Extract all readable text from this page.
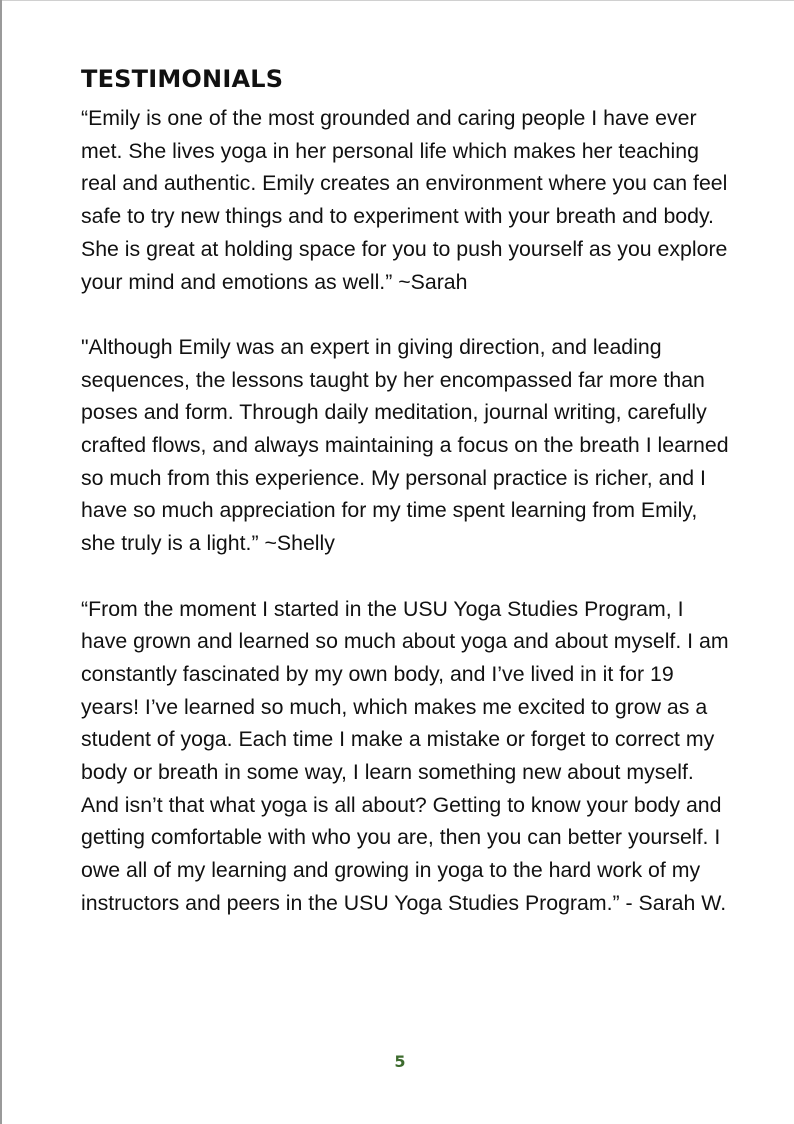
TESTIMONIALS

“Emily is one of the most grounded and caring people I have ever met. She lives yoga in her personal life which makes her teaching real and authentic. Emily creates an environment where you can feel safe to try new things and to experiment with your breath and body. She is great at holding space for you to push yourself as you explore your mind and emotions as well.” ~Sarah

"Although Emily was an expert in giving direction, and leading sequences, the lessons taught by her encompassed far more than poses and form. Through daily meditation, journal writing, carefully crafted flows, and always maintaining a focus on the breath I learned so much from this experience. My personal practice is richer, and I have so much appreciation for my time spent learning from Emily, she truly is a light.” ~Shelly

“From the moment I started in the USU Yoga Studies Program, I have grown and learned so much about yoga and about myself. I am constantly fascinated by my own body, and I’ve lived in it for 19 years! I’ve learned so much, which makes me excited to grow as a student of yoga. Each time I make a mistake or forget to correct my body or breath in some way, I learn something new about myself. And isn’t that what yoga is all about? Getting to know your body and getting comfortable with who you are, then you can better yourself. I owe all of my learning and growing in yoga to the hard work of my instructors and peers in the USU Yoga Studies Program.” - Sarah W.

5
